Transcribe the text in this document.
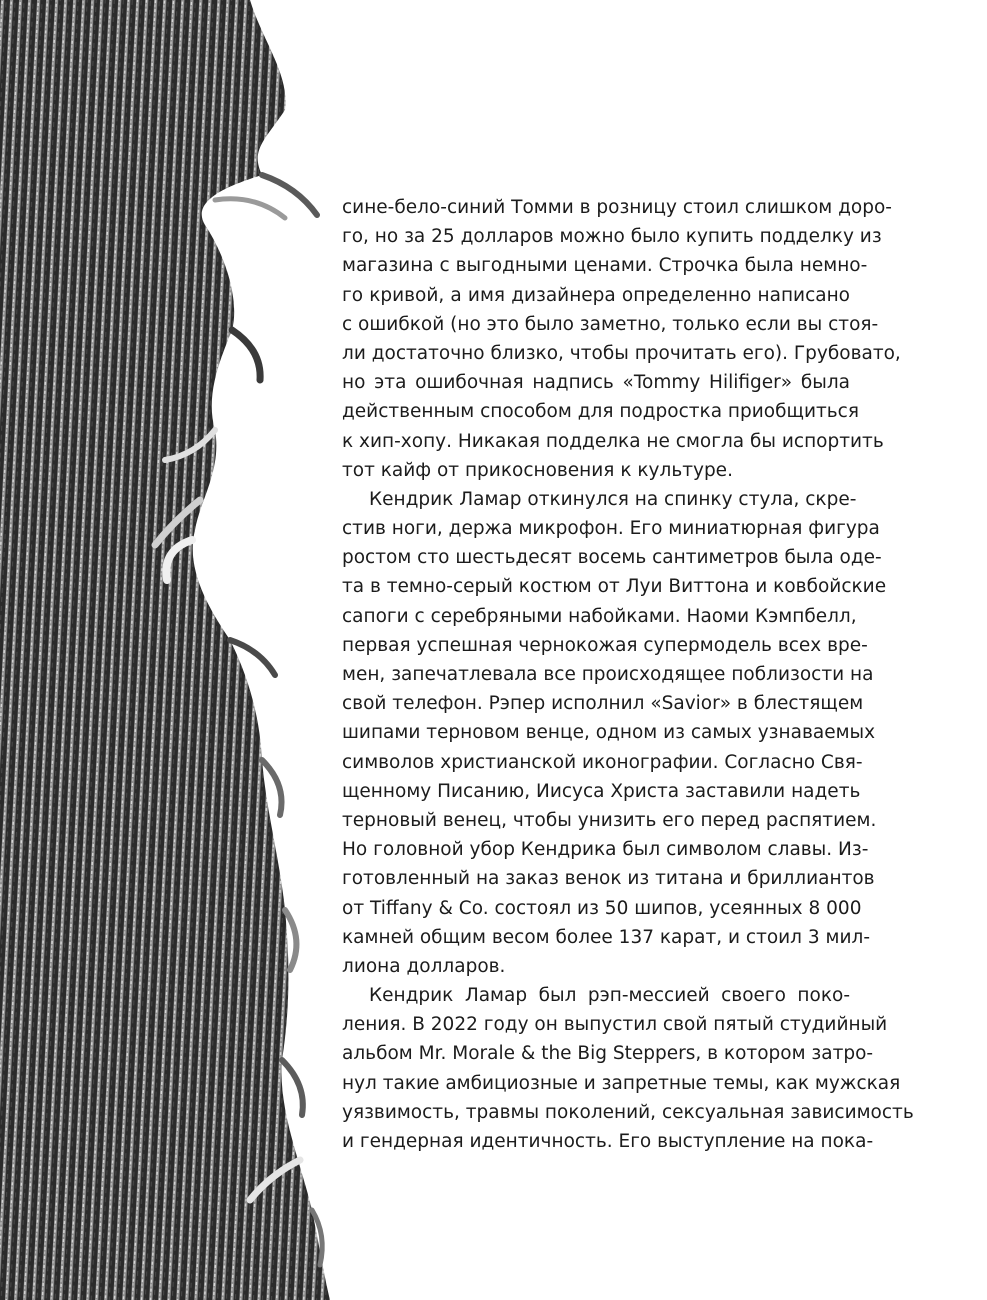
сине-бело-синий Томми в розницу стоил слишком доро-
го, но за 25 долларов можно было купить подделку из
магазина с выгодными ценами. Строчка была немно-
го кривой, а имя дизайнера определенно написано
с ошибкой (но это было заметно, только если вы стоя-
ли достаточно близко, чтобы прочитать его). Грубовато,
но эта ошибочная надпись «Tommy Hilifiger» была
действенным способом для подростка приобщиться
к хип-хопу. Никакая подделка не смогла бы испортить
тот кайф от прикосновения к культуре.

Кендрик Ламар откинулся на спинку стула, скре-
стив ноги, держа микрофон. Его миниатюрная фигура
ростом сто шестьдесят восемь сантиметров была оде-
та в темно-серый костюм от Луи Виттона и ковбойские
сапоги с серебряными набойками. Наоми Кэмпбелл,
первая успешная чернокожая супермодель всех вре-
мен, запечатлевала все происходящее поблизости на
свой телефон. Рэпер исполнил «Savior» в блестящем
шипами терновом венце, одном из самых узнаваемых
символов христианской иконографии. Согласно Свя-
щенному Писанию, Иисуса Христа заставили надеть
терновый венец, чтобы унизить его перед распятием.
Но головной убор Кендрика был символом славы. Из-
готовленный на заказ венок из титана и бриллиантов
от Tiffany & Co. состоял из 50 шипов, усеянных 8 000
камней общим весом более 137 карат, и стоил 3 мил-
лиона долларов.

Кендрик Ламар был рэп-мессией своего поко-
ления. В 2022 году он выпустил свой пятый студийный
альбом Mr. Morale & the Big Steppers, в котором затро-
нул такие амбициозные и запретные темы, как мужская
уязвимость, травмы поколений, сексуальная зависимость
и гендерная идентичность. Его выступление на пока-
